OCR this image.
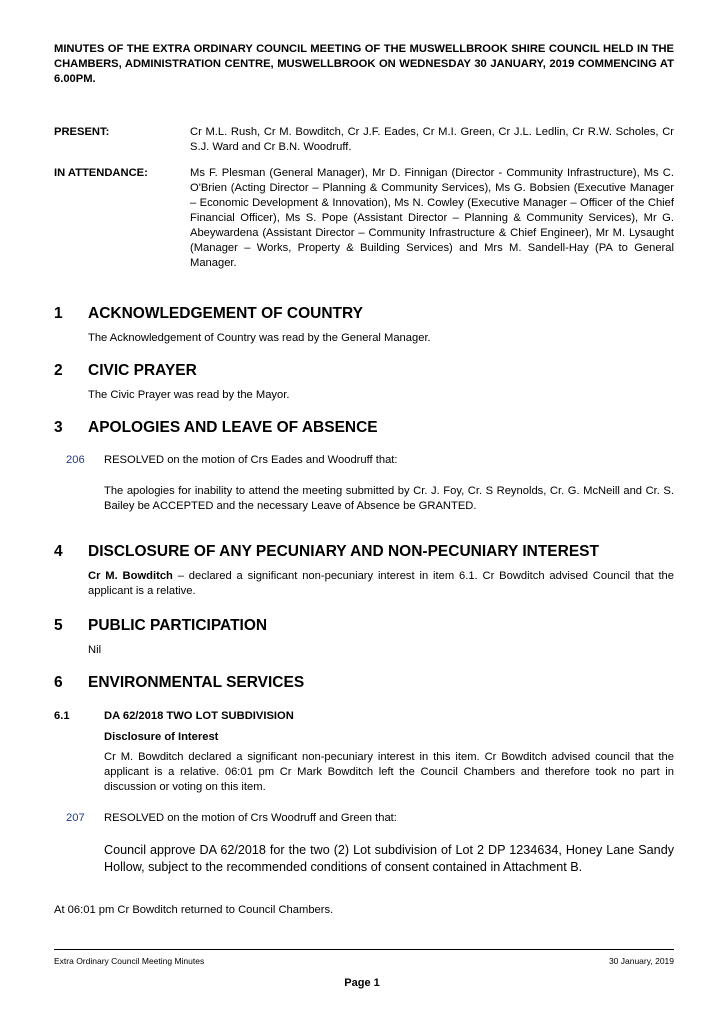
MINUTES OF THE EXTRA ORDINARY COUNCIL MEETING OF THE MUSWELLBROOK SHIRE COUNCIL HELD IN THE CHAMBERS, ADMINISTRATION CENTRE, MUSWELLBROOK ON WEDNESDAY 30 JANUARY, 2019 COMMENCING AT 6.00PM.
PRESENT:	Cr M.L. Rush, Cr M. Bowditch, Cr J.F. Eades, Cr M.I. Green, Cr J.L. Ledlin, Cr R.W. Scholes, Cr S.J. Ward and Cr B.N. Woodruff.
IN ATTENDANCE:	Ms F. Plesman (General Manager), Mr D. Finnigan (Director - Community Infrastructure), Ms C. O'Brien (Acting Director – Planning & Community Services), Ms G. Bobsien (Executive Manager – Economic Development & Innovation), Ms N. Cowley (Executive Manager – Officer of the Chief Financial Officer), Ms S. Pope (Assistant Director – Planning & Community Services), Mr G. Abeywardena (Assistant Director – Community Infrastructure & Chief Engineer), Mr M. Lysaught (Manager – Works, Property & Building Services) and Mrs M. Sandell-Hay (PA to General Manager.
1 ACKNOWLEDGEMENT OF COUNTRY
The Acknowledgement of Country was read by the General Manager.
2 CIVIC PRAYER
The Civic Prayer was read by the Mayor.
3 APOLOGIES AND LEAVE OF ABSENCE
206 RESOLVED on the motion of Crs Eades and Woodruff that:
The apologies for inability to attend the meeting submitted by Cr. J. Foy, Cr. S Reynolds, Cr. G. McNeill and Cr. S. Bailey be ACCEPTED and the necessary Leave of Absence be GRANTED.
4 DISCLOSURE OF ANY PECUNIARY AND NON-PECUNIARY INTEREST
Cr M. Bowditch – declared a significant non-pecuniary interest in item 6.1. Cr Bowditch advised Council that the applicant is a relative.
5 PUBLIC PARTICIPATION
Nil
6 ENVIRONMENTAL SERVICES
6.1	DA 62/2018 TWO LOT SUBDIVISION
Disclosure of Interest
Cr M. Bowditch declared a significant non-pecuniary interest in this item. Cr Bowditch advised council that the applicant is a relative. 06:01 pm Cr Mark Bowditch left the Council Chambers and therefore took no part in discussion or voting on this item.
207 RESOLVED on the motion of Crs Woodruff and Green that:
Council approve DA 62/2018 for the two (2) Lot subdivision of Lot 2 DP 1234634, Honey Lane Sandy Hollow, subject to the recommended conditions of consent contained in Attachment B.
At 06:01 pm Cr Bowditch returned to Council Chambers.
Extra Ordinary Council Meeting Minutes	30 January, 2019
Page 1
